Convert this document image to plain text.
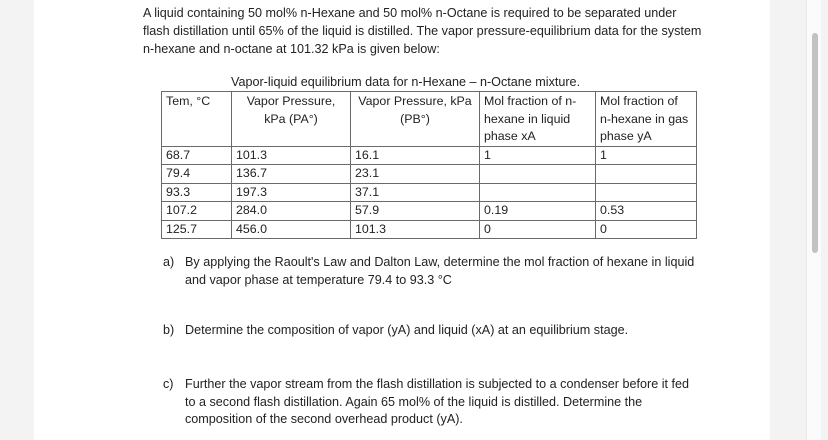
A liquid containing 50 mol% n-Hexane and 50 mol% n-Octane is required to be separated under flash distillation until 65% of the liquid is distilled. The vapor pressure-equilibrium data for the system n-hexane and n-octane at 101.32 kPa is given below:

Vapor-liquid equilibrium data for n-Hexane – n-Octane mixture.
Tem, °C	Vapor Pressure, kPa (PA°)	Vapor Pressure, kPa (PB°)	Mol fraction of n-hexane in liquid phase xA	Mol fraction of n-hexane in gas phase yA
68.7	101.3	16.1	1	1
79.4	136.7	23.1		
93.3	197.3	37.1		
107.2	284.0	57.9	0.19	0.53
125.7	456.0	101.3	0	0
a) By applying the Raoult's Law and Dalton Law, determine the mol fraction of hexane in liquid and vapor phase at temperature 79.4 to 93.3 °C
b) Determine the composition of vapor (yA) and liquid (xA) at an equilibrium stage.
c) Further the vapor stream from the flash distillation is subjected to a condenser before it fed to a second flash distillation. Again 65 mol% of the liquid is distilled. Determine the composition of the second overhead product (yA).
